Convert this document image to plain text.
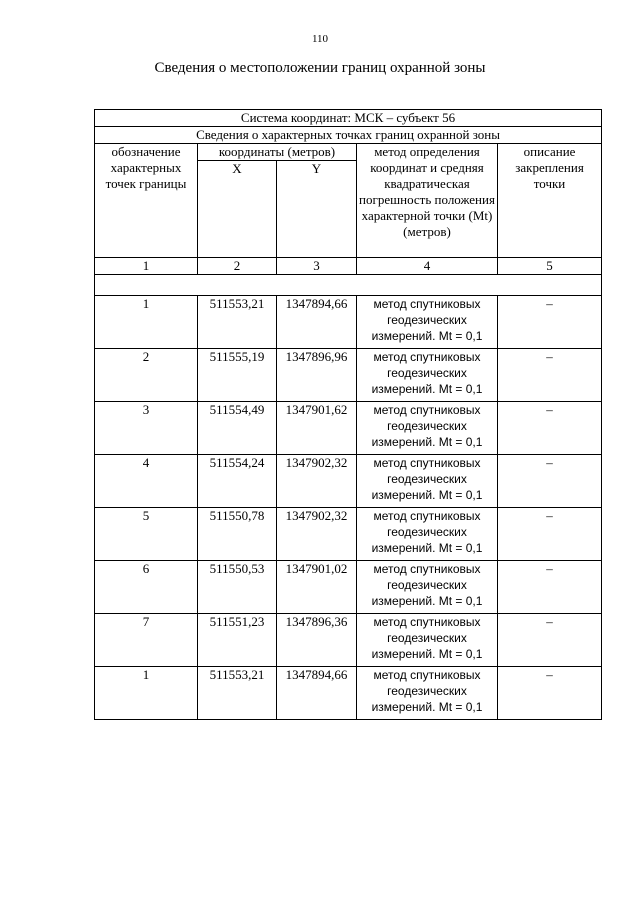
110
Сведения о местоположении границ охранной зоны
Система координат: МСК – субъект 56				
Сведения о характерных точках границ охранной зоны				
обозначение характерных точек границы	координаты (метров)		метод определения координат и средняя квадратическая погрешность положения характерной точки (Mt) (метров)	описание закрепления точки
	X	Y		
1	2	3	4	5

1	511553,21	1347894,66	метод спутниковых геодезических измерений. Mt = 0,1	–
2	511555,19	1347896,96	метод спутниковых геодезических измерений. Mt = 0,1	–
3	511554,49	1347901,62	метод спутниковых геодезических измерений. Mt = 0,1	–
4	511554,24	1347902,32	метод спутниковых геодезических измерений. Mt = 0,1	–
5	511550,78	1347902,32	метод спутниковых геодезических измерений. Mt = 0,1	–
6	511550,53	1347901,02	метод спутниковых геодезических измерений. Mt = 0,1	–
7	511551,23	1347896,36	метод спутниковых геодезических измерений. Mt = 0,1	–
1	511553,21	1347894,66	метод спутниковых геодезических измерений. Mt = 0,1	–
